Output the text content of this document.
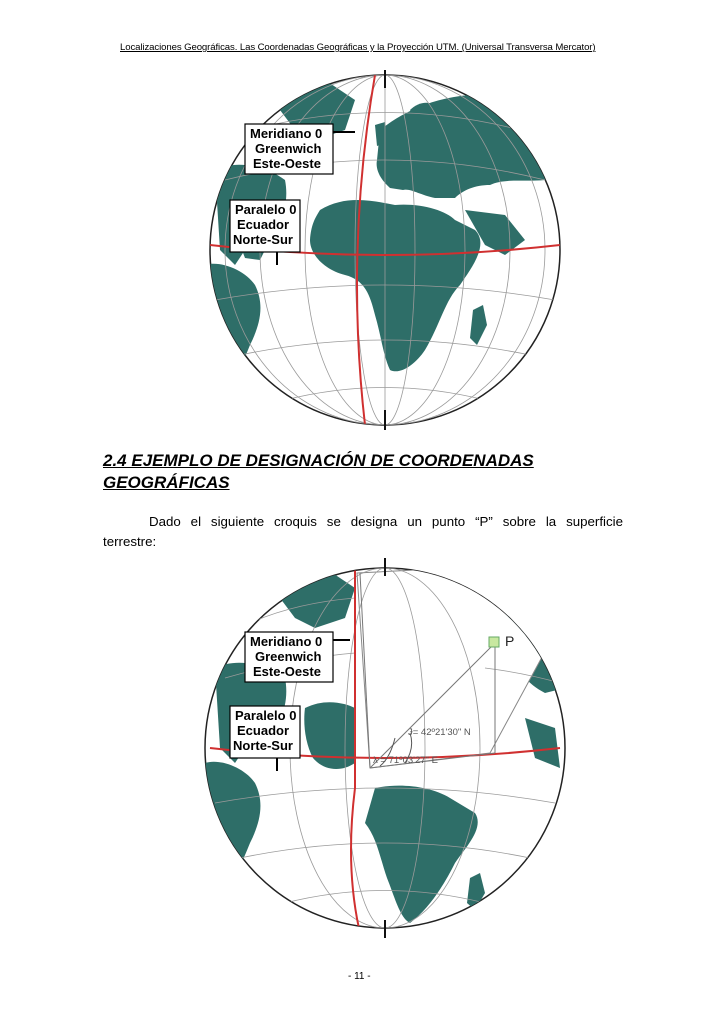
Localizaciones Geográficas. Las Coordenadas Geográficas y la Proyección UTM. (Universal Transversa Mercator)
Meridiano 0
Greenwich
Este-Oeste
Paralelo 0
Ecuador
Norte-Sur
2.4 EJEMPLO DE DESIGNACIÓN DE COORDENADAS GEOGRÁFICAS
Dado el siguiente croquis se designa un punto “P” sobre la superficie terrestre:
P
Ɉ= 42º21'30" N
λ = 71º03'27" E
Meridiano 0
Greenwich
Este-Oeste
Paralelo 0
Ecuador
Norte-Sur
- 11 -
